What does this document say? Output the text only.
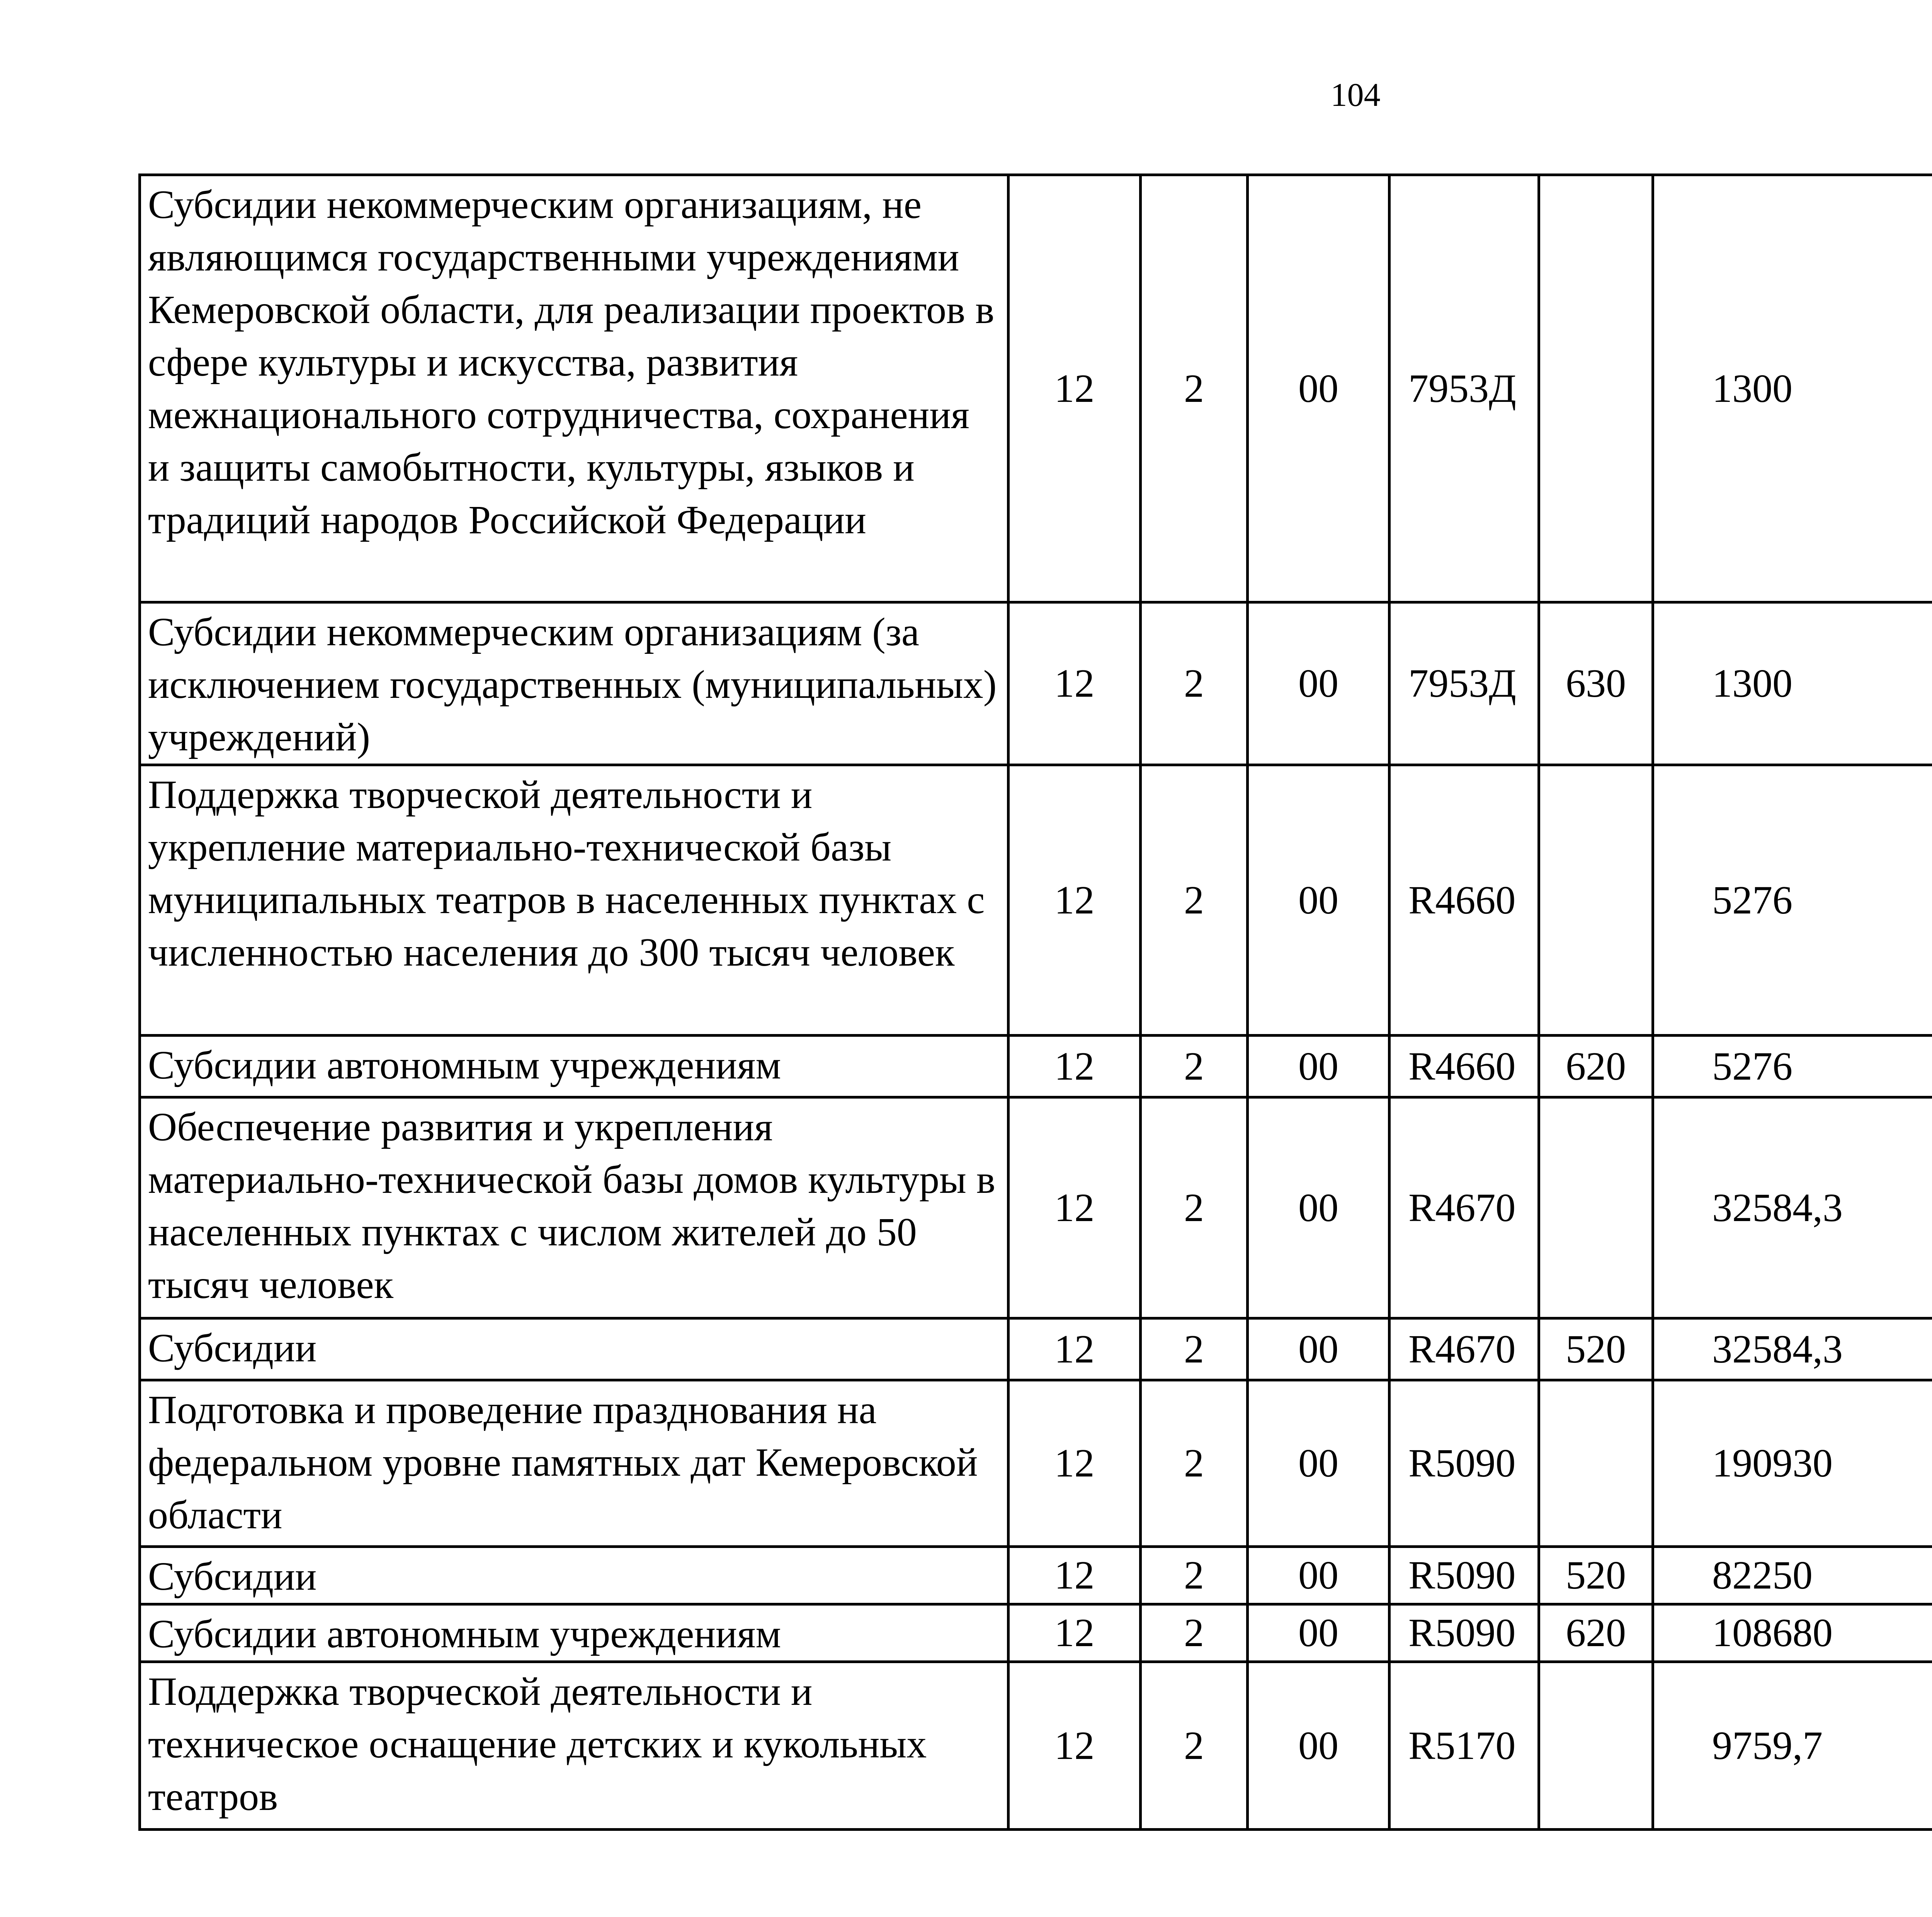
104
Субсидии некоммерческим организациям, не являющимся государственными учреждениями Кемеровской области, для реализации проектов в сфере культуры и искусства, развития межнационального сотрудничества, сохранения и защиты самобытности, культуры, языков и традиций народов Российской Федерации	12	2	00	7953Д		1300		
Субсидии некоммерческим организациям (за исключением государственных (муниципальных) учреждений)	12	2	00	7953Д	630	1300		
Поддержка творческой деятельности и укрепление материально-технической базы муниципальных театров в населенных пунктах с численностью населения до 300 тысяч человек	12	2	00	R4660		5276		
Субсидии автономным учреждениям	12	2	00	R4660	620	5276		
Обеспечение развития и укрепления материально-технической базы домов культуры в населенных пунктах с числом жителей до 50 тысяч человек	12	2	00	R4670		32584,3		
Субсидии	12	2	00	R4670	520	32584,3		
Подготовка и проведение празднования на федеральном уровне памятных дат Кемеровской области	12	2	00	R5090		190930		
Субсидии	12	2	00	R5090	520	82250		
Субсидии автономным учреждениям	12	2	00	R5090	620	108680		
Поддержка творческой деятельности и техническое оснащение детских и кукольных театров	12	2	00	R5170		9759,7		
